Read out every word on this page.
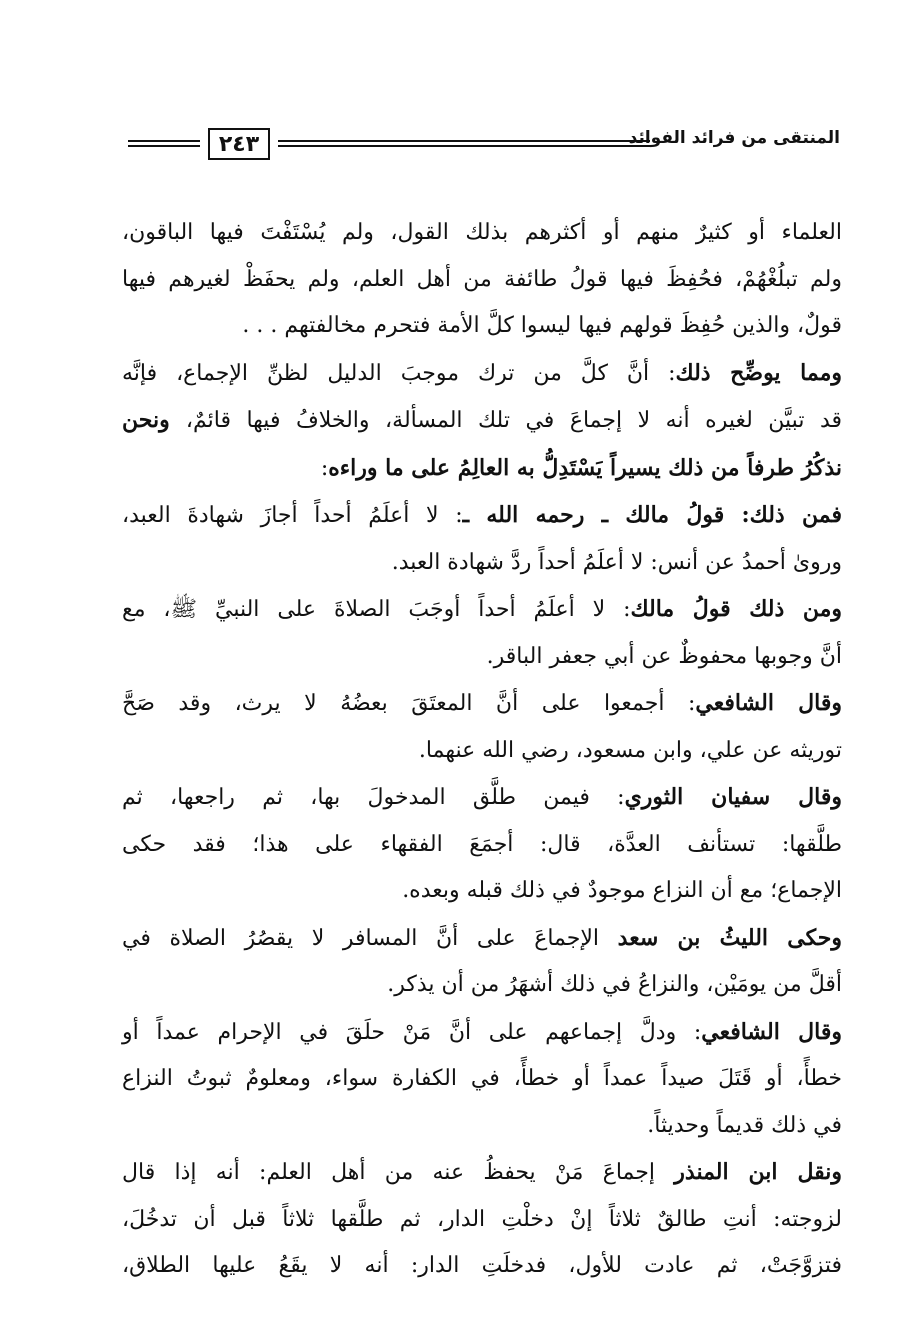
٢٤٣	المنتقى من فرائد الفوائد

العلماء أو كثيرٌ منهم أو أكثرهم بذلك القول، ولم يُسْتَفْتَ فيها الباقون،
ولم تبلُغْهُمْ، فحُفِظَ فيها قولُ طائفة من أهل العلم، ولم يحفَظْ لغيرهم فيها
قولٌ، والذين حُفِظَ قولهم فيها ليسوا كلَّ الأمة فتحرم مخالفتهم . . .

ومما يوضِّح ذلك: أنَّ كلَّ من ترك موجبَ الدليل لظنِّ الإجماع، فإنَّه
قد تبيَّن لغيره أنه لا إجماعَ في تلك المسألة، والخلافُ فيها قائمٌ، ونحن
نذكُرُ طرفاً من ذلك يسيراً يَسْتَدِلُّ به العالِمُ على ما وراءه:

فمن ذلك: قولُ مالك ـ رحمه الله ـ: لا أعلَمُ أحداً أجازَ شهادةَ العبد،
وروىٰ أحمدُ عن أنس: لا أعلَمُ أحداً ردَّ شهادة العبد.

ومن ذلك قولُ مالك: لا أعلَمُ أحداً أوجَبَ الصلاةَ على النبيِّ ﷺ، مع
أنَّ وجوبها محفوظٌ عن أبي جعفر الباقر.

وقال الشافعي: أجمعوا على أنَّ المعتَقَ بعضُهُ لا يرث، وقد صَحَّ
توريثه عن علي، وابن مسعود، رضي الله عنهما.

وقال سفيان الثوري: فيمن طلَّق المدخولَ بها، ثم راجعها، ثم
طلَّقها: تستأنف العدَّة، قال: أجمَعَ الفقهاء على هذا؛ فقد حكى
الإجماع؛ مع أن النزاع موجودٌ في ذلك قبله وبعده.

وحكى الليثُ بن سعد الإجماعَ على أنَّ المسافر لا يقصُرُ الصلاة في
أقلَّ من يومَيْن، والنزاعُ في ذلك أشهَرُ من أن يذكر.

وقال الشافعي: ودلَّ إجماعهم على أنَّ مَنْ حلَقَ في الإحرام عمداً أو
خطأً، أو قَتَلَ صيداً عمداً أو خطأً، في الكفارة سواء، ومعلومٌ ثبوتُ النزاع
في ذلك قديماً وحديثاً.

ونقل ابن المنذر إجماعَ مَنْ يحفظُ عنه من أهل العلم: أنه إذا قال
لزوجته: أنتِ طالقٌ ثلاثاً إنْ دخلْتِ الدار، ثم طلَّقها ثلاثاً قبل أن تدخُلَ،
فتزوَّجَتْ، ثم عادت للأول، فدخلَتِ الدار: أنه لا يقَعُ عليها الطلاق،
